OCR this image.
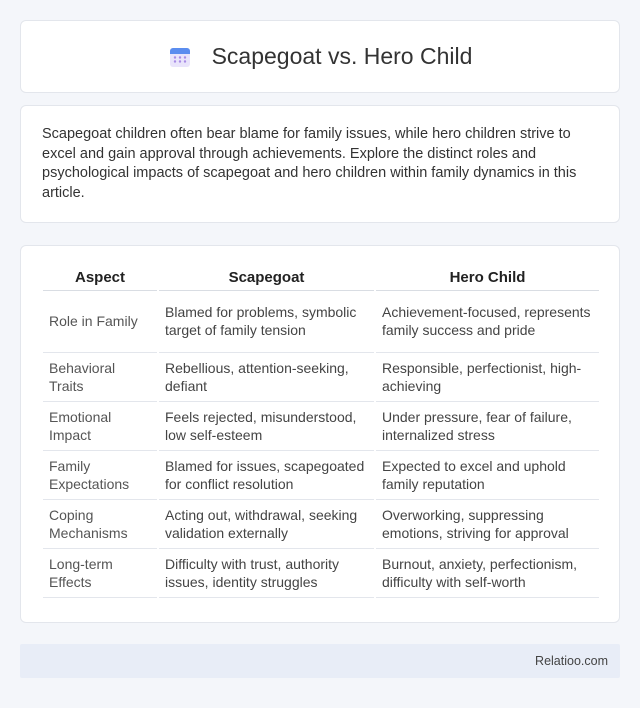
Scapegoat vs. Hero Child

Scapegoat children often bear blame for family issues, while hero children strive to excel and gain approval through achievements. Explore the distinct roles and psychological impacts of scapegoat and hero children within family dynamics in this article.

Aspect	Scapegoat	Hero Child
Role in Family	Blamed for problems, symbolic target of family tension	Achievement-focused, represents family success and pride
Behavioral Traits	Rebellious, attention-seeking, defiant	Responsible, perfectionist, high-achieving
Emotional Impact	Feels rejected, misunderstood, low self-esteem	Under pressure, fear of failure, internalized stress
Family Expectations	Blamed for issues, scapegoated for conflict resolution	Expected to excel and uphold family reputation
Coping Mechanisms	Acting out, withdrawal, seeking validation externally	Overworking, suppressing emotions, striving for approval
Long-term Effects	Difficulty with trust, authority issues, identity struggles	Burnout, anxiety, perfectionism, difficulty with self-worth
Relatioo.com
